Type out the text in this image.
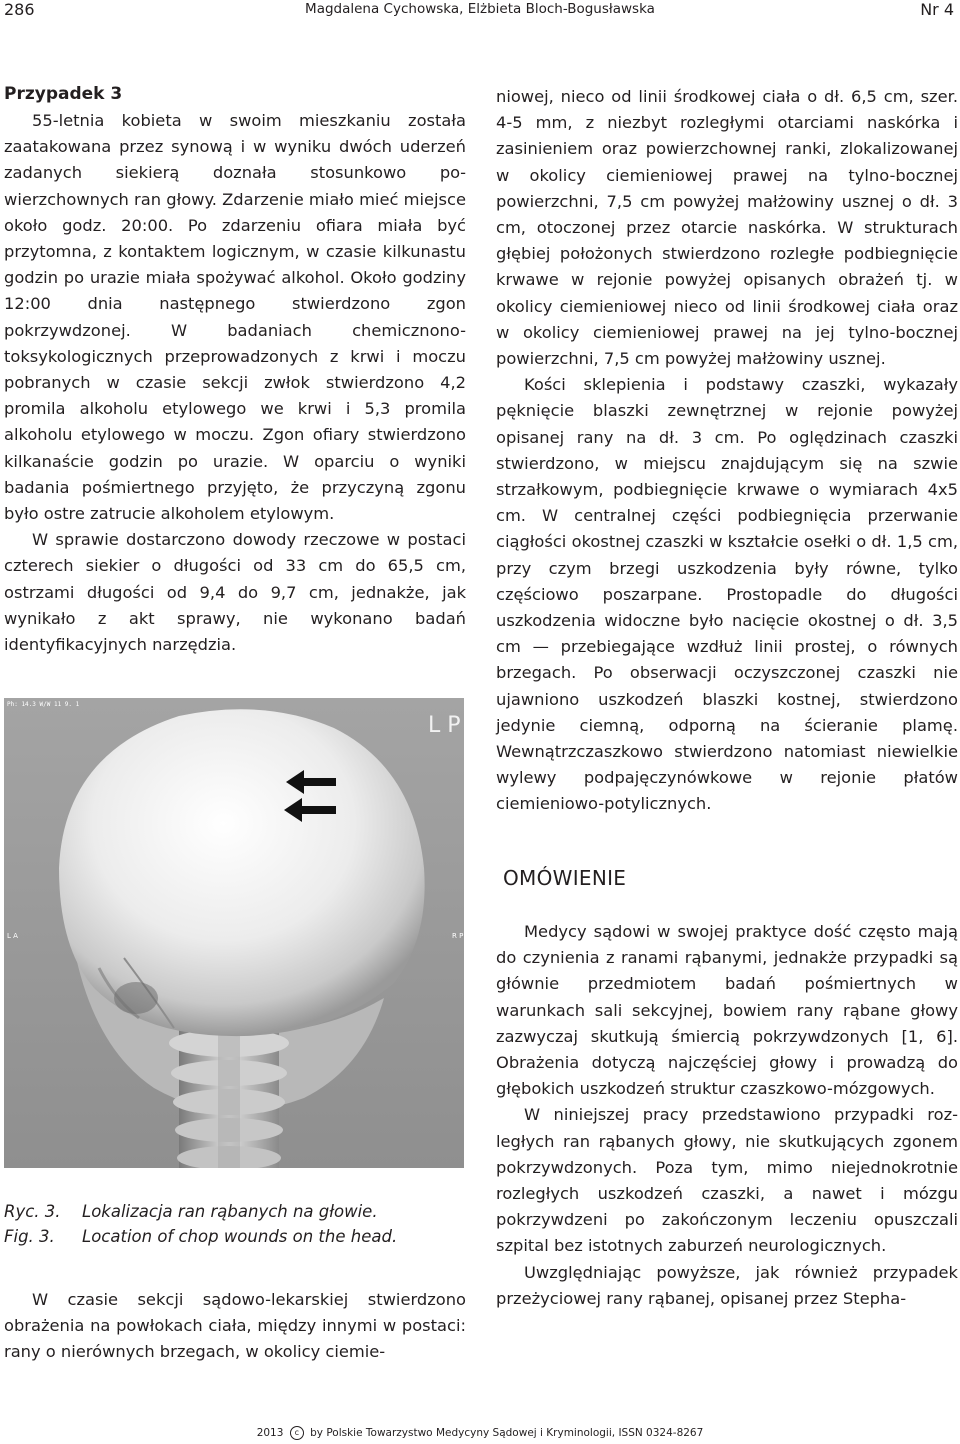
286	Magdalena Cychowska, Elżbieta Bloch-Bogusławska	Nr 4
Przypadek 3

55-letnia kobieta w swoim mieszkaniu została zaatakowana przez synową i w wyniku dwóch uderzeń zadanych siekierą doznała stosunkowo powierzchownych ran głowy. Zdarzenie miało mieć miejsce około godz. 20:00. Po zdarzeniu ofiara miała być przytomna, z kontaktem logicznym, w czasie kilkunastu godzin po urazie miała spożywać alkohol. Około godziny 12:00 dnia następnego stwierdzono zgon pokrzywdzonej. W badaniach chemicznono-toksykologicznych przeprowadzonych z krwi i moczu pobranych w czasie sekcji zwłok stwierdzono 4,2 promila alkoholu etylowego we krwi i 5,3 promila alkoholu etylowego w moczu. Zgon ofiary stwierdzono kilkanaście godzin po urazie. W oparciu o wyniki badania pośmiertnego przyjęto, że przyczyną zgonu było ostre zatrucie alkoholem etylowym.

W sprawie dostarczono dowody rzeczowe w postaci czterech siekier o długości od 33 cm do 65,5 cm, ostrzami długości od 9,4 do 9,7 cm, jednakże, jak wynikało z akt sprawy, nie wykonano badań identyfikacyjnych narzędzia.

Ph: 14.3 W/W 11 9. 1
L P
L A	R P
Ryc. 3. Lokalizacja ran rąbanych na głowie.
Fig. 3. Location of chop wounds on the head.

W czasie sekcji sądowo-lekarskiej stwierdzono obrażenia na powłokach ciała, między innymi w postaci: rany o nierównych brzegach, w okolicy ciemie-

niowej, nieco od linii środkowej ciała o dł. 6,5 cm, szer. 4-5 mm, z niezbyt rozległymi otarciami naskórka i zasinieniem oraz powierzchownej ranki, zlokalizowanej w okolicy ciemieniowej prawej na tylno-bocznej powierzchni, 7,5 cm powyżej małżowiny usznej o dł. 3 cm, otoczonej przez otarcie naskórka. W strukturach głębiej położonych stwierdzono rozległe podbiegnięcie krwawe w rejonie powyżej opisanych obrażeń tj. w okolicy ciemieniowej nieco od linii środkowej ciała oraz w okolicy ciemieniowej prawej na jej tylno-bocznej powierzchni, 7,5 cm powyżej małżowiny usznej.

Kości sklepienia i podstawy czaszki, wykazały pęknięcie blaszki zewnętrznej w rejonie powyżej opisanej rany na dł. 3 cm. Po oględzinach czaszki stwierdzono, w miejscu znajdującym się na szwie strzałkowym, podbiegnięcie krwawe o wymiarach 4x5 cm. W centralnej części podbiegnięcia przerwanie ciągłości okostnej czaszki w kształcie osełki o dł. 1,5 cm, przy czym brzegi uszkodzenia były równe, tylko częściowo poszarpane. Prostopadle do długości uszkodzenia widoczne było nacięcie okostnej o dł. 3,5 cm — przebiegające wzdłuż linii prostej, o równych brzegach. Po obserwacji oczyszczonej czaszki nie ujawniono uszkodzeń blaszki kostnej, stwierdzono jedynie ciemną, odporną na ścieranie plamę. Wewnątrzczaszkowo stwierdzono natomiast niewielkie wylewy podpajęczynówkowe w rejonie płatów ciemieniowo-potylicznych.

OMÓWIENIE

Medycy sądowi w swojej praktyce dość często mają do czynienia z ranami rąbanymi, jednakże przypadki są głównie przedmiotem badań pośmiertnych w warunkach sali sekcyjnej, bowiem rany rąbane głowy zazwyczaj skutkują śmiercią pokrzywdzonych [1, 6]. Obrażenia dotyczą najczęściej głowy i prowadzą do głębokich uszkodzeń struktur czaszkowo-mózgowych.

W niniejszej pracy przedstawiono przypadki rozległych ran rąbanych głowy, nie skutkujących zgonem pokrzywdzonych. Poza tym, mimo niejednokrotnie rozległych uszkodzeń czaszki, a nawet i mózgu pokrzywdzeni po zakończonym leczeniu opuszczali szpital bez istotnych zaburzeń neurologicznych.

Uwzględniając powyższe, jak również przypadek przeżyciowej rany rąbanej, opisanej przez Stepha-

2013 c by Polskie Towarzystwo Medycyny Sądowej i Kryminologii, ISSN 0324-8267
